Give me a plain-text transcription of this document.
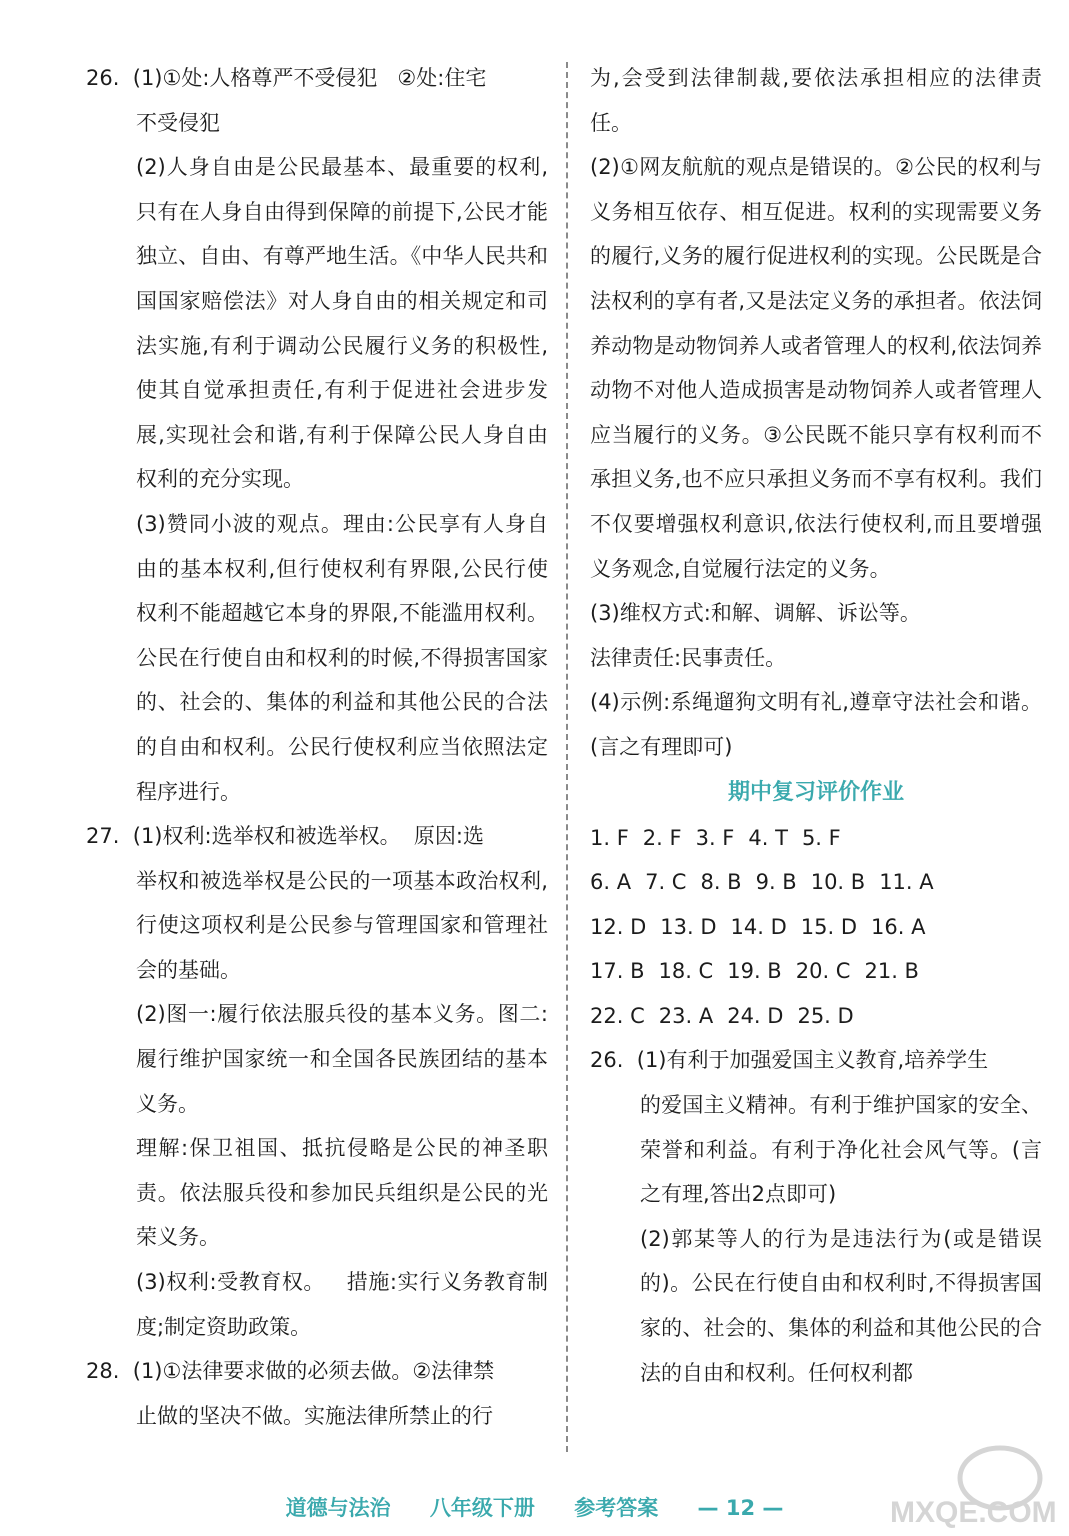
26.  (1)①处:人格尊严不受侵犯   ②处:住宅

不受侵犯

(2)人身自由是公民最基本、最重要的权利,只有在人身自由得到保障的前提下,公民才能独立、自由、有尊严地生活。《中华人民共和国国家赔偿法》对人身自由的相关规定和司法实施,有利于调动公民履行义务的积极性,使其自觉承担责任,有利于促进社会进步发展,实现社会和谐,有利于保障公民人身自由权利的充分实现。

(3)赞同小波的观点。理由:公民享有人身自由的基本权利,但行使权利有界限,公民行使权利不能超越它本身的界限,不能滥用权利。公民在行使自由和权利的时候,不得损害国家的、社会的、集体的利益和其他公民的合法的自由和权利。公民行使权利应当依照法定程序进行。

27.  (1)权利:选举权和被选举权。  原因:选

举权和被选举权是公民的一项基本政治权利,行使这项权利是公民参与管理国家和管理社会的基础。

(2)图一:履行依法服兵役的基本义务。图二:履行维护国家统一和全国各民族团结的基本义务。

理解:保卫祖国、抵抗侵略是公民的神圣职责。依法服兵役和参加民兵组织是公民的光荣义务。

(3)权利:受教育权。   措施:实行义务教育制度;制定资助政策。

28.  (1)①法律要求做的必须去做。②法律禁

止做的坚决不做。实施法律所禁止的行

为,会受到法律制裁,要依法承担相应的法律责任。

(2)①网友航航的观点是错误的。②公民的权利与义务相互依存、相互促进。权利的实现需要义务的履行,义务的履行促进权利的实现。公民既是合法权利的享有者,又是法定义务的承担者。依法饲养动物是动物饲养人或者管理人的权利,依法饲养动物不对他人造成损害是动物饲养人或者管理人应当履行的义务。③公民既不能只享有权利而不承担义务,也不应只承担义务而不享有权利。我们不仅要增强权利意识,依法行使权利,而且要增强义务观念,自觉履行法定的义务。

(3)维权方式:和解、调解、诉讼等。

法律责任:民事责任。

(4)示例:系绳遛狗文明有礼,遵章守法社会和谐。(言之有理即可)

期中复习评价作业

1. F 2. F 3. F 4. T 5. F
6. A 7. C 8. B 9. B 10. B 11. A
12. D 13. D 14. D 15. D 16. A
17. B 18. C 19. B 20. C 21. B
22. C 23. A 24. D 25. D

26.  (1)有利于加强爱国主义教育,培养学生

的爱国主义精神。有利于维护国家的安全、荣誉和利益。有利于净化社会风气等。(言之有理,答出2点即可)

(2)郭某等人的行为是违法行为(或是错误的)。公民在行使自由和权利时,不得损害国家的、社会的、集体的利益和其他公民的合法的自由和权利。任何权利都

道德与法治 八年级下册 参考答案 — 12 —	MXQE.COM
